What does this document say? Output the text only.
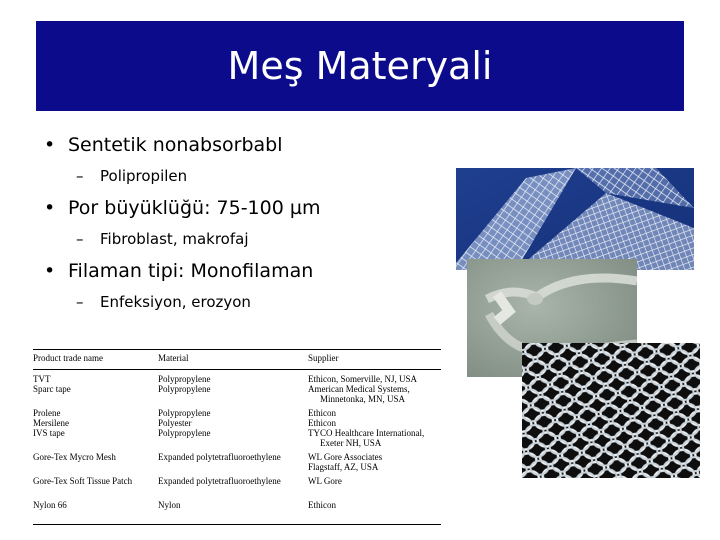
Meş Materyali
• Sentetik nonabsorbabl
– Polipropilen
• Por büyüklüğü: 75-100 µm
– Fibroblast, makrofaj
• Filaman tipi: Monofilaman
– Enfeksiyon, erozyon
Product trade name	Material	Supplier
TVT	Polypropylene	Ethicon, Somerville, NJ, USA
Sparc tape	Polypropylene	American Medical Systems,
		Minnetonka, MN, USA
Prolene	Polypropylene	Ethicon
Mersilene	Polyester	Ethicon
IVS tape	Polypropylene	TYCO Healthcare International,
		Exeter NH, USA
Gore-Tex Mycro Mesh	Expanded polytetrafluoroethylene	WL Gore Associates
		Flagstaff, AZ, USA
Gore-Tex Soft Tissue Patch	Expanded polytetrafluoroethylene	WL Gore
Nylon 66	Nylon	Ethicon
